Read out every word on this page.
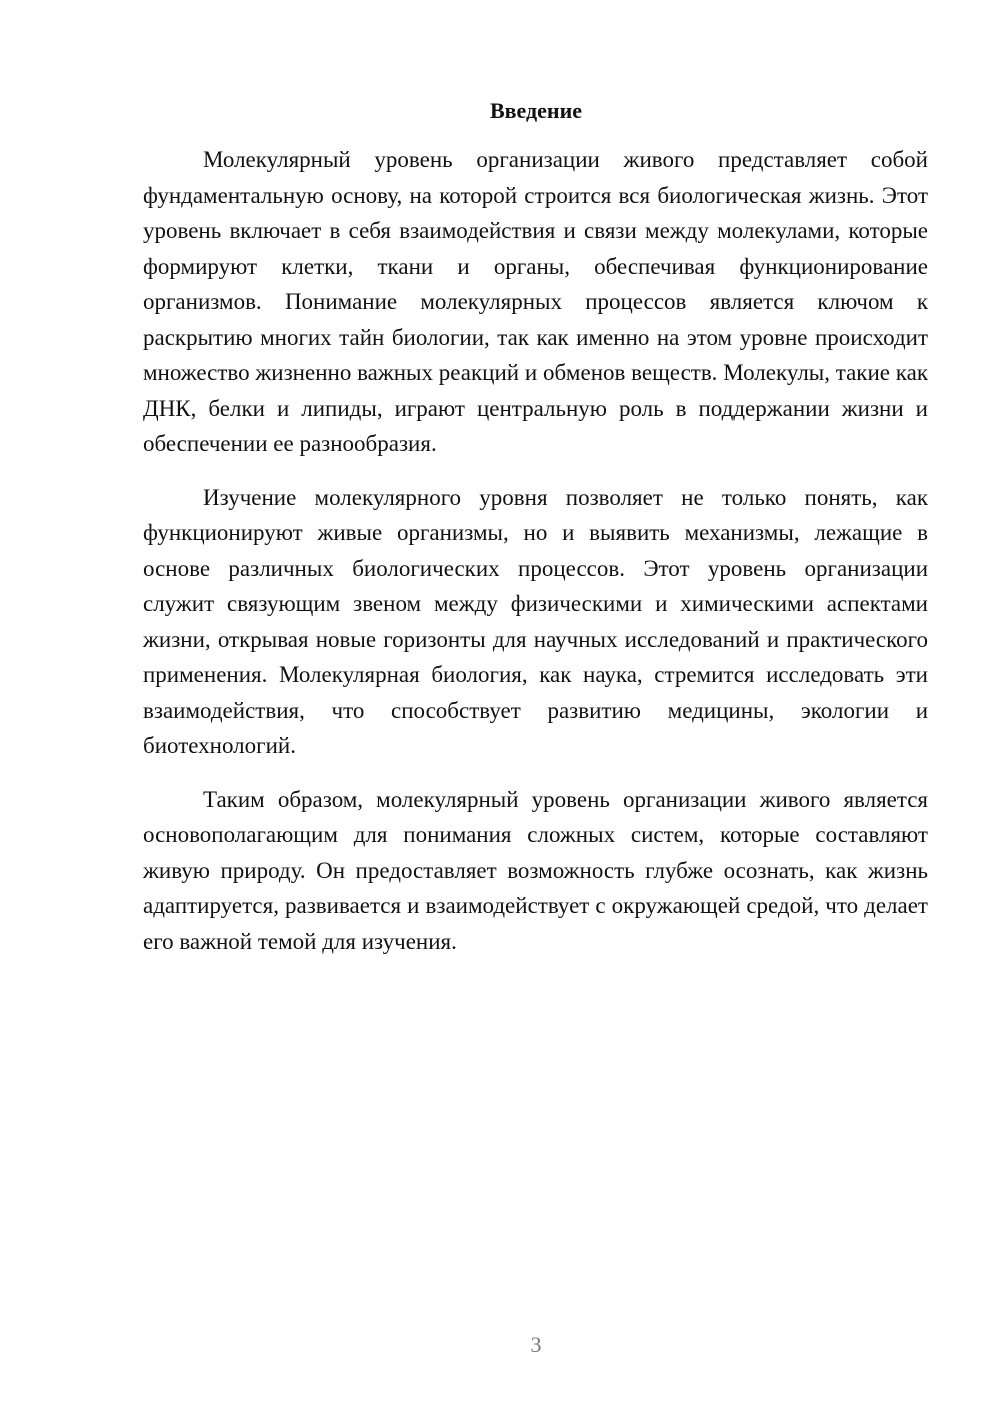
Введение

Молекулярный уровень организации живого представляет собой фундаментальную основу, на которой строится вся биологическая жизнь. Этот уровень включает в себя взаимодействия и связи между молекулами, которые формируют клетки, ткани и органы, обеспечивая функционирование организмов. Понимание молекулярных процессов является ключом к раскрытию многих тайн биологии, так как именно на этом уровне происходит множество жизненно важных реакций и обменов веществ. Молекулы, такие как ДНК, белки и липиды, играют центральную роль в поддержании жизни и обеспечении ее разнообразия.

Изучение молекулярного уровня позволяет не только понять, как функционируют живые организмы, но и выявить механизмы, лежащие в основе различных биологических процессов. Этот уровень организации служит связующим звеном между физическими и химическими аспектами жизни, открывая новые горизонты для научных исследований и практического применения. Молекулярная биология, как наука, стремится исследовать эти взаимодействия, что способствует развитию медицины, экологии и биотехнологий.

Таким образом, молекулярный уровень организации живого является основополагающим для понимания сложных систем, которые составляют живую природу. Он предоставляет возможность глубже осознать, как жизнь адаптируется, развивается и взаимодействует с окружающей средой, что делает его важной темой для изучения.

3
